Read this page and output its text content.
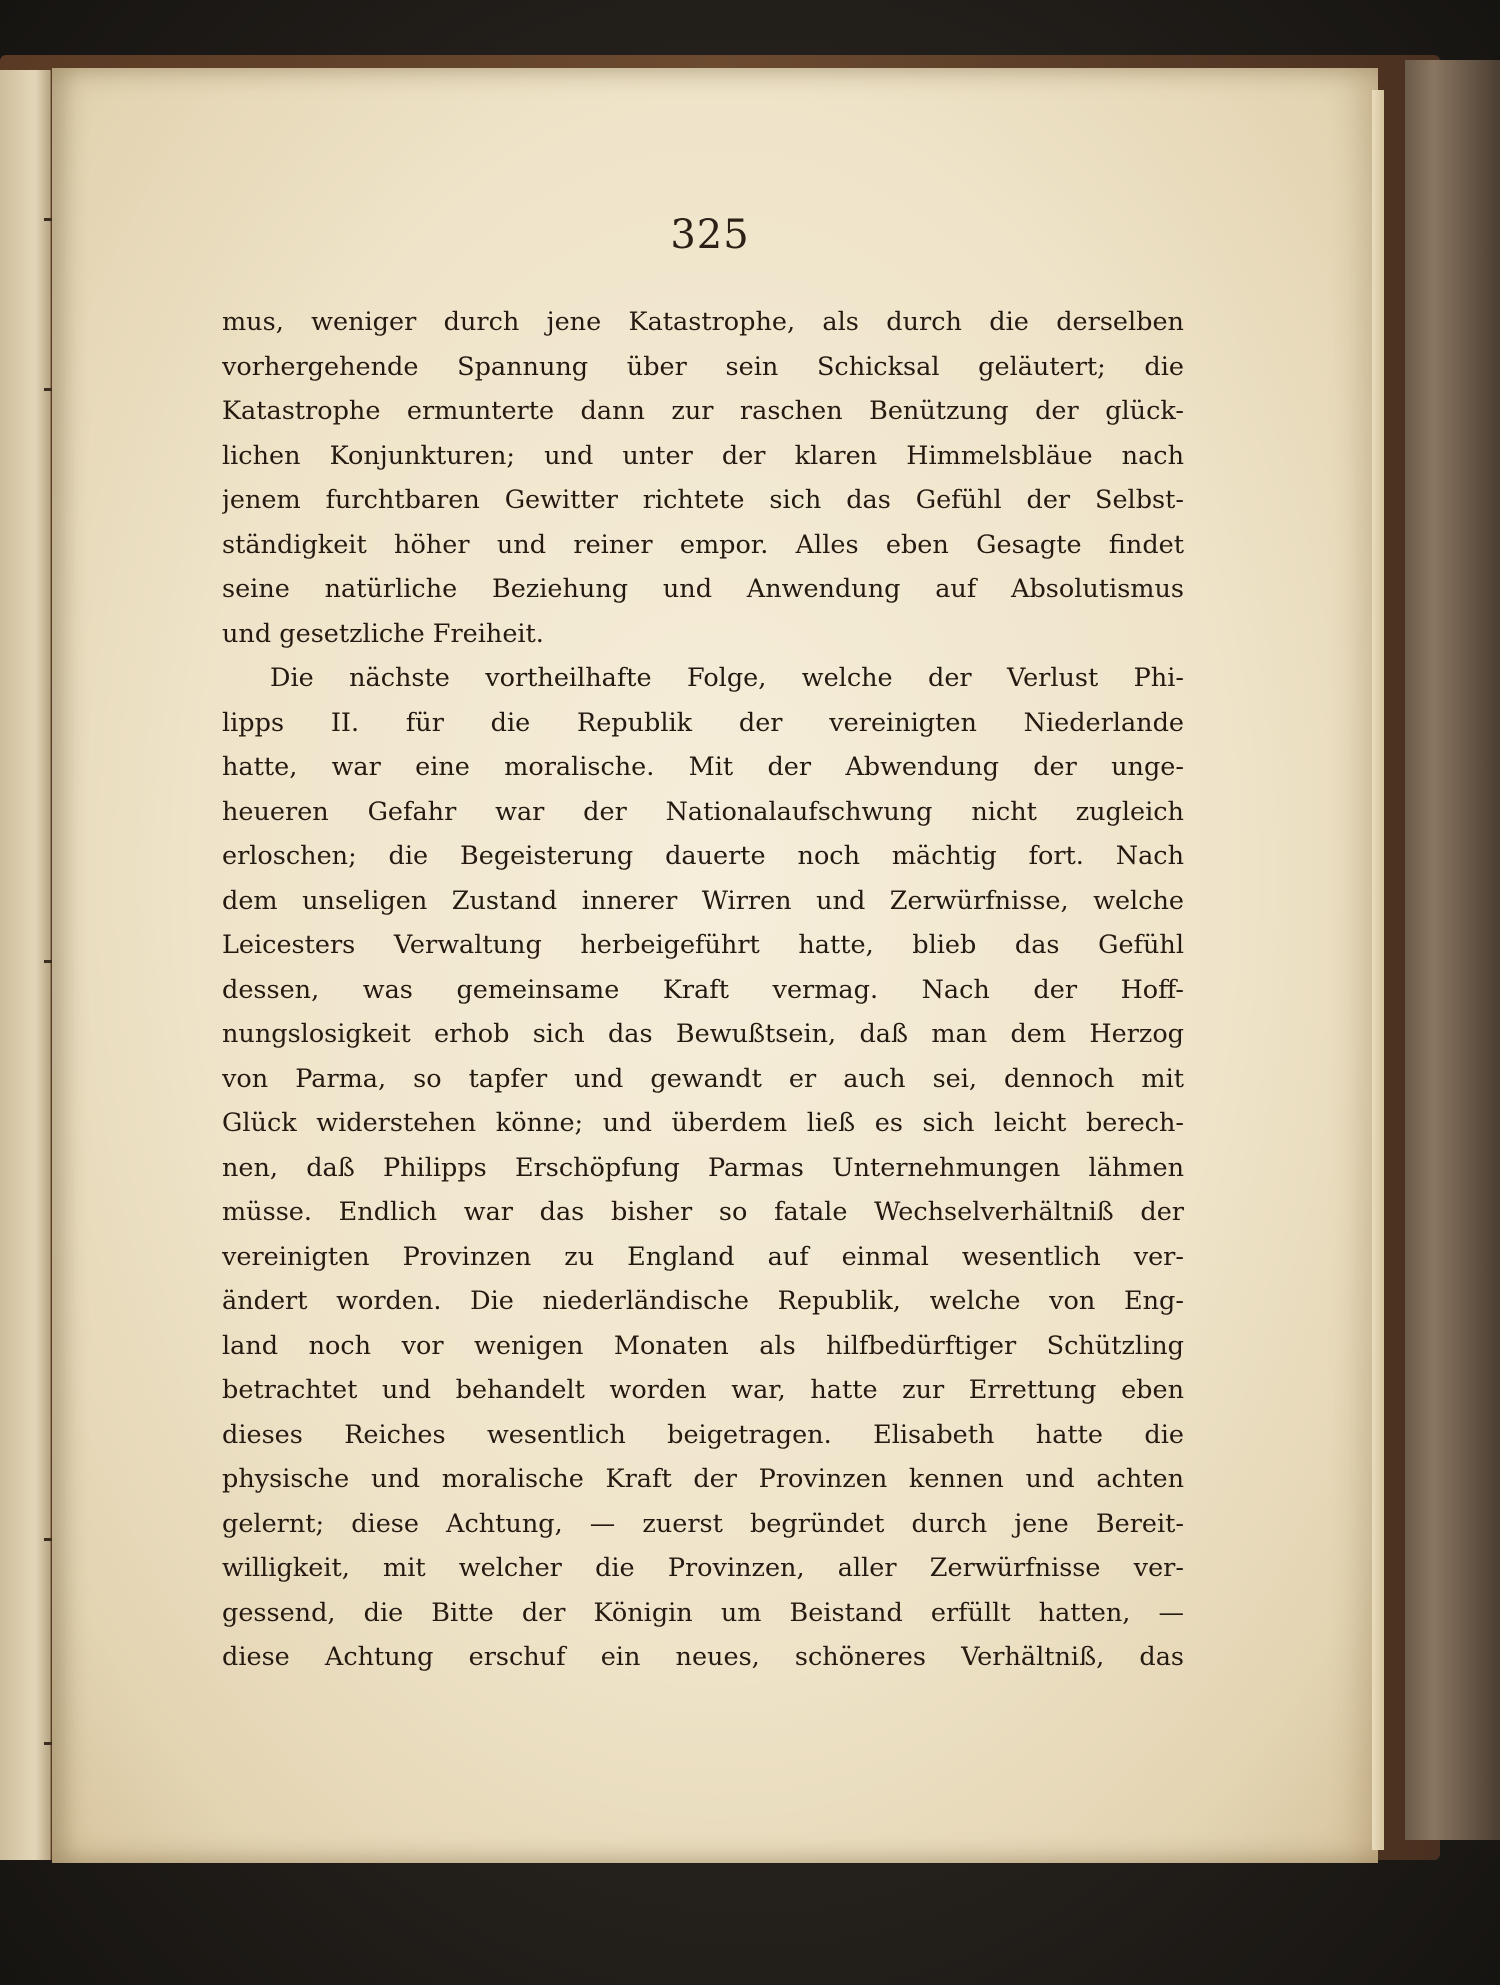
325
mus, weniger durch jene Katastrophe, als durch die derselben
vorhergehende Spannung über sein Schicksal geläutert; die
Katastrophe ermunterte dann zur raschen Benützung der glück-
lichen Konjunkturen; und unter der klaren Himmelsbläue nach
jenem furchtbaren Gewitter richtete sich das Gefühl der Selbst-
ständigkeit höher und reiner empor. Alles eben Gesagte findet
seine natürliche Beziehung und Anwendung auf Absolutismus
und gesetzliche Freiheit.
Die nächste vortheilhafte Folge, welche der Verlust Phi-
lipps II. für die Republik der vereinigten Niederlande
hatte, war eine moralische. Mit der Abwendung der unge-
heueren Gefahr war der Nationalaufschwung nicht zugleich
erloschen; die Begeisterung dauerte noch mächtig fort. Nach
dem unseligen Zustand innerer Wirren und Zerwürfnisse, welche
Leicesters Verwaltung herbeigeführt hatte, blieb das Gefühl
dessen, was gemeinsame Kraft vermag. Nach der Hoff-
nungslosigkeit erhob sich das Bewußtsein, daß man dem Herzog
von Parma, so tapfer und gewandt er auch sei, dennoch mit
Glück widerstehen könne; und überdem ließ es sich leicht berech-
nen, daß Philipps Erschöpfung Parmas Unternehmungen lähmen
müsse. Endlich war das bisher so fatale Wechselverhältniß der
vereinigten Provinzen zu England auf einmal wesentlich ver-
ändert worden. Die niederländische Republik, welche von Eng-
land noch vor wenigen Monaten als hilfbedürftiger Schützling
betrachtet und behandelt worden war, hatte zur Errettung eben
dieses Reiches wesentlich beigetragen. Elisabeth hatte die
physische und moralische Kraft der Provinzen kennen und achten
gelernt; diese Achtung, — zuerst begründet durch jene Bereit-
willigkeit, mit welcher die Provinzen, aller Zerwürfnisse ver-
gessend, die Bitte der Königin um Beistand erfüllt hatten, —
diese Achtung erschuf ein neues, schöneres Verhältniß, das
